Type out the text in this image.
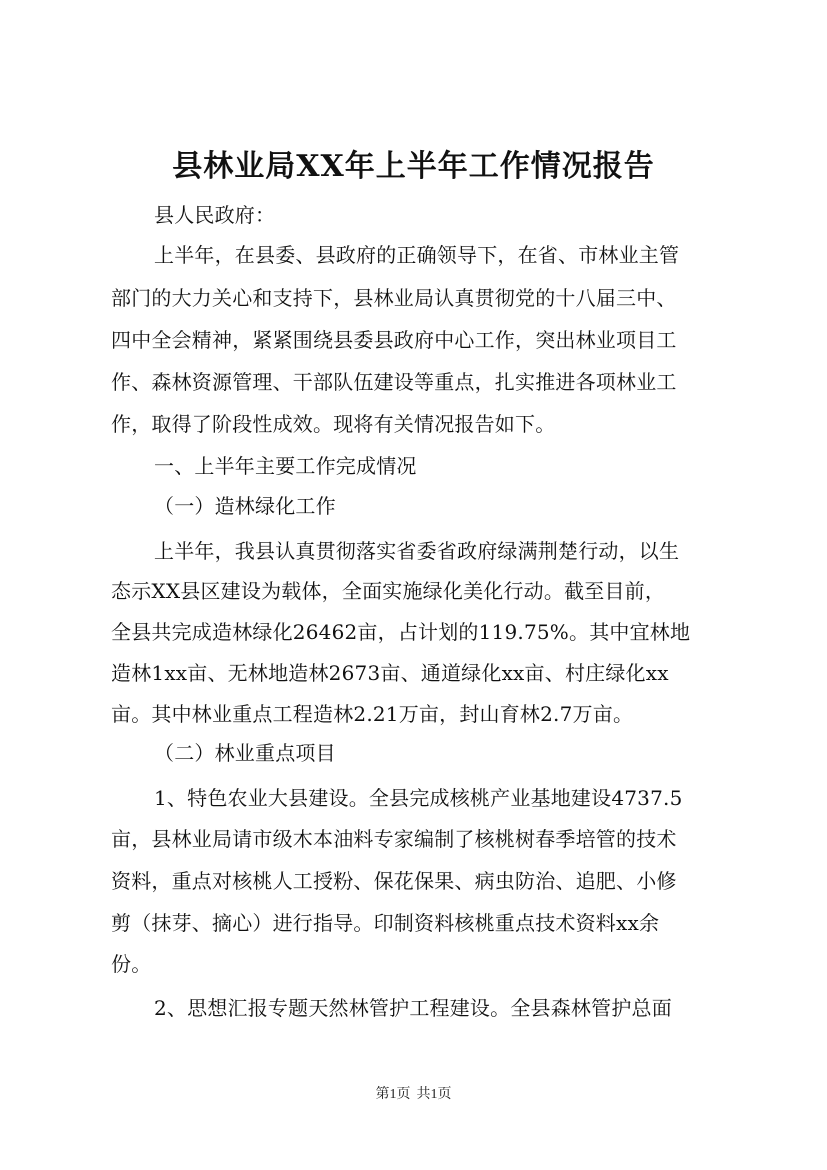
县林业局XX年上半年工作情况报告
县人民政府：
上半年，在县委、县政府的正确领导下，在省、市林业主管
部门的大力关心和支持下，县林业局认真贯彻党的十八届三中、
四中全会精神，紧紧围绕县委县政府中心工作，突出林业项目工
作、森林资源管理、干部队伍建设等重点，扎实推进各项林业工
作，取得了阶段性成效。现将有关情况报告如下。
一、上半年主要工作完成情况
（一）造林绿化工作
上半年，我县认真贯彻落实省委省政府绿满荆楚行动，以生
态示XX县区建设为载体，全面实施绿化美化行动。截至目前，
全县共完成造林绿化26462亩，占计划的119.75%。其中宜林地
造林1xx亩、无林地造林2673亩、通道绿化xx亩、村庄绿化xx
亩。其中林业重点工程造林2.21万亩，封山育林2.7万亩。
（二）林业重点项目
1、特色农业大县建设。全县完成核桃产业基地建设4737.5
亩，县林业局请市级木本油料专家编制了核桃树春季培管的技术
资料，重点对核桃人工授粉、保花保果、病虫防治、追肥、小修
剪（抹芽、摘心）进行指导。印制资料核桃重点技术资料xx余
份。
2、思想汇报专题天然林管护工程建设。全县森林管护总面
第1页 共1页
